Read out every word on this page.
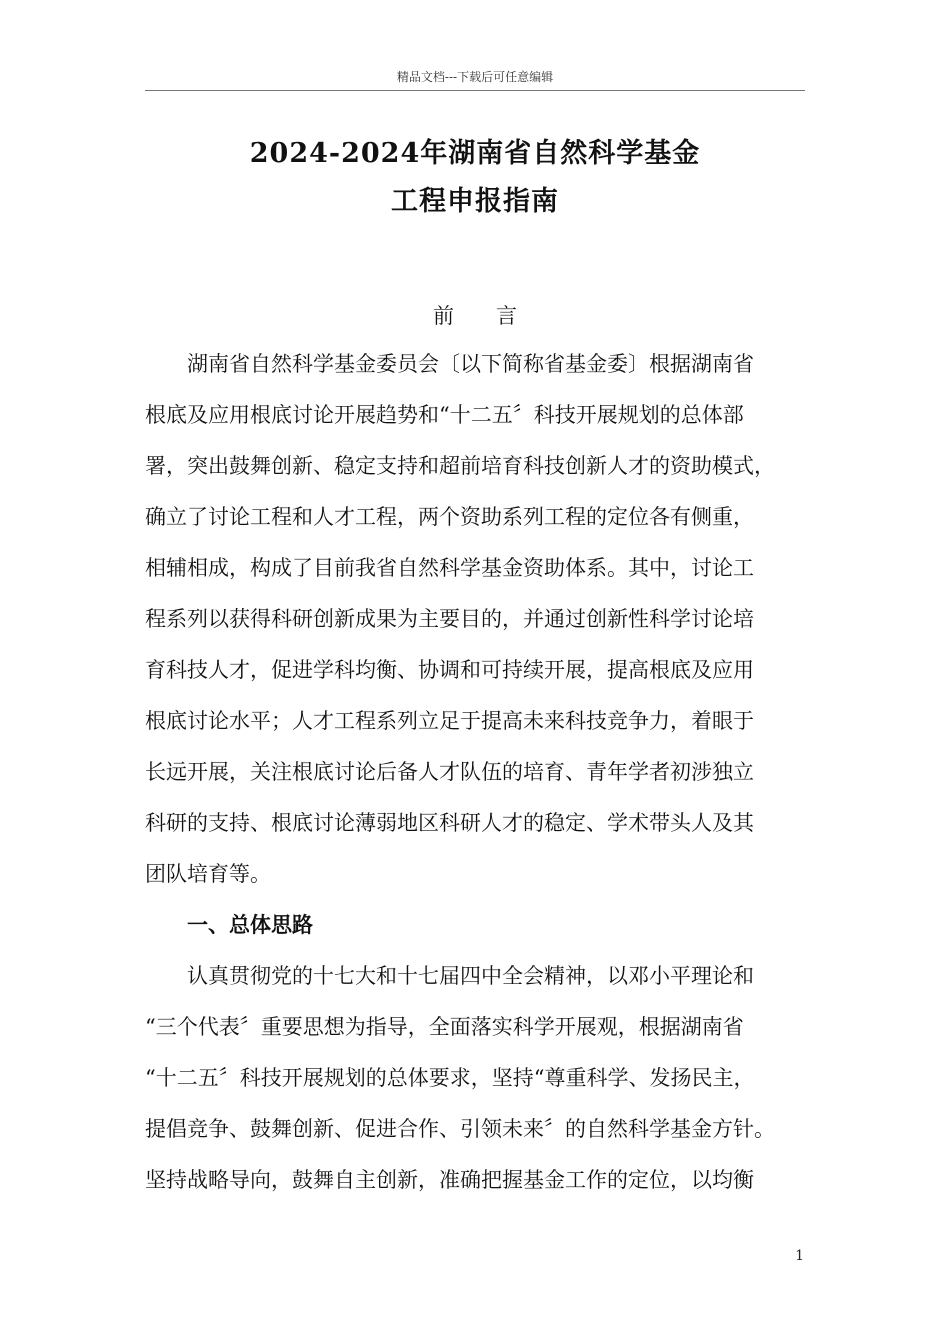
精品文档---下载后可任意编辑
2024-2024年湖南省自然科学基金
工程申报指南
前 言
湖南省自然科学基金委员会〔以下简称省基金委〕根据湖南省
根底及应用根底讨论开展趋势和“十二五〞科技开展规划的总体部
署，突出鼓舞创新、稳定支持和超前培育科技创新人才的资助模式，
确立了讨论工程和人才工程，两个资助系列工程的定位各有侧重，
相辅相成，构成了目前我省自然科学基金资助体系。其中，讨论工
程系列以获得科研创新成果为主要目的，并通过创新性科学讨论培
育科技人才，促进学科均衡、协调和可持续开展，提高根底及应用
根底讨论水平；人才工程系列立足于提高未来科技竞争力，着眼于
长远开展，关注根底讨论后备人才队伍的培育、青年学者初涉独立
科研的支持、根底讨论薄弱地区科研人才的稳定、学术带头人及其
团队培育等。
一、总体思路
认真贯彻党的十七大和十七届四中全会精神，以邓小平理论和
“三个代表〞重要思想为指导，全面落实科学开展观，根据湖南省
“十二五〞科技开展规划的总体要求，坚持“尊重科学、发扬民主，
提倡竞争、鼓舞创新、促进合作、引领未来〞的自然科学基金方针。
坚持战略导向，鼓舞自主创新，准确把握基金工作的定位，以均衡
1
